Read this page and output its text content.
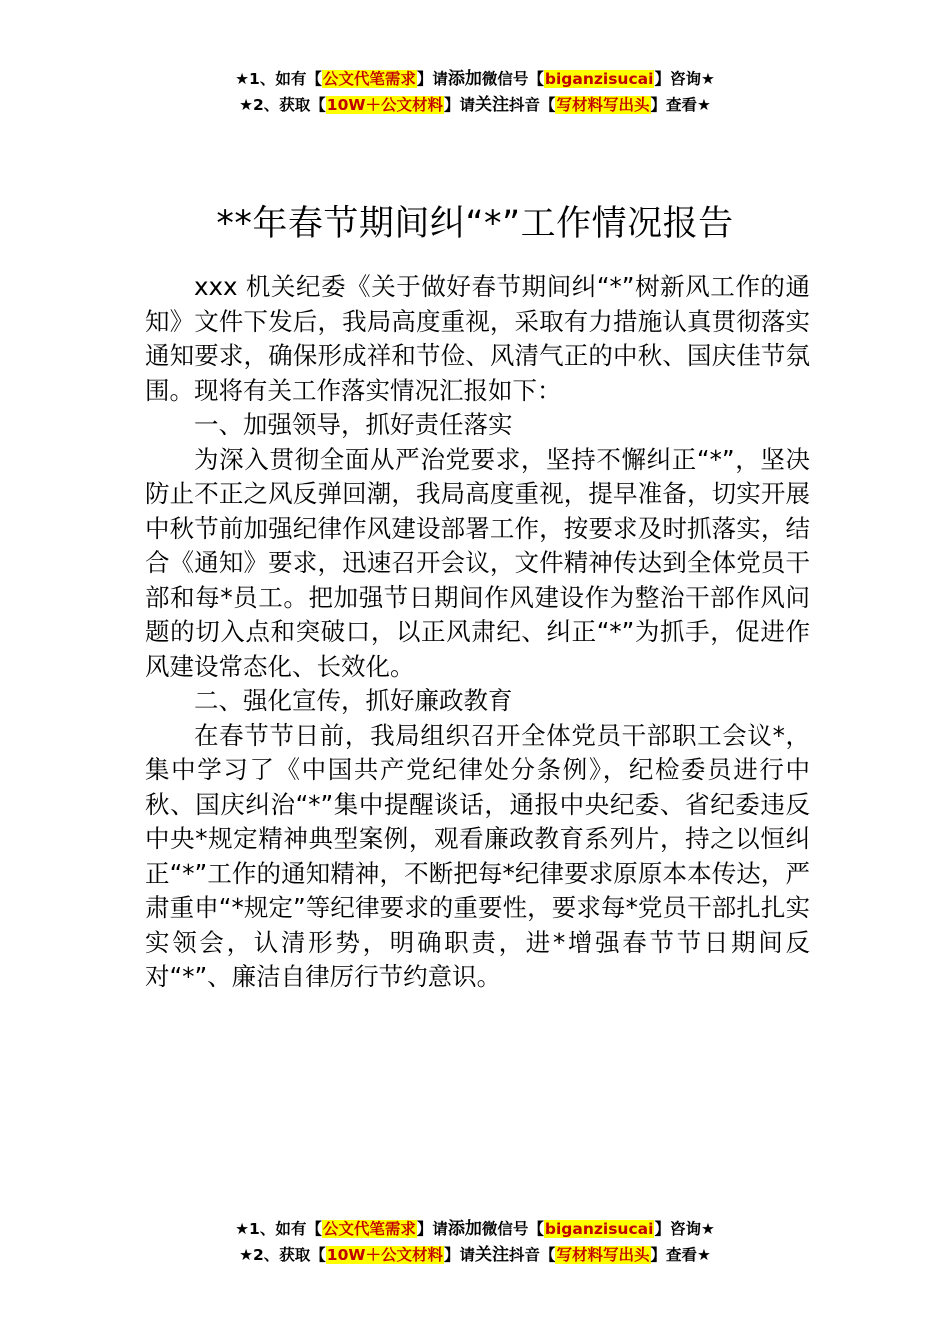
★1、如有【公文代笔需求】请添加微信号【biganzisucai】咨询★
★2、获取【10W＋公文材料】请关注抖音【写材料写出头】查看★
**年春节期间纠“*”工作情况报告

xxx 机关纪委《关于做好春节期间纠“*”树新风工作的通知》文件下发后，我局高度重视，采取有力措施认真贯彻落实通知要求，确保形成祥和节俭、风清气正的中秋、国庆佳节氛围。现将有关工作落实情况汇报如下：

一、加强领导，抓好责任落实

为深入贯彻全面从严治党要求，坚持不懈纠正“*”，坚决防止不正之风反弹回潮，我局高度重视，提早准备，切实开展中秋节前加强纪律作风建设部署工作，按要求及时抓落实，结合《通知》要求，迅速召开会议，文件精神传达到全体党员干部和每*员工。把加强节日期间作风建设作为整治干部作风问题的切入点和突破口，以正风肃纪、纠正“*”为抓手，促进作风建设常态化、长效化。

二、强化宣传，抓好廉政教育

在春节节日前，我局组织召开全体党员干部职工会议*，集中学习了《中国共产党纪律处分条例》，纪检委员进行中秋、国庆纠治“*”集中提醒谈话，通报中央纪委、省纪委违反中央*规定精神典型案例，观看廉政教育系列片，持之以恒纠正“*”工作的通知精神，不断把每*纪律要求原原本本传达，严肃重申“*规定”等纪律要求的重要性，要求每*党员干部扎扎实实领会，认清形势，明确职责，进*增强春节节日期间反对“*”、廉洁自律厉行节约意识。

★1、如有【公文代笔需求】请添加微信号【biganzisucai】咨询★
★2、获取【10W＋公文材料】请关注抖音【写材料写出头】查看★
